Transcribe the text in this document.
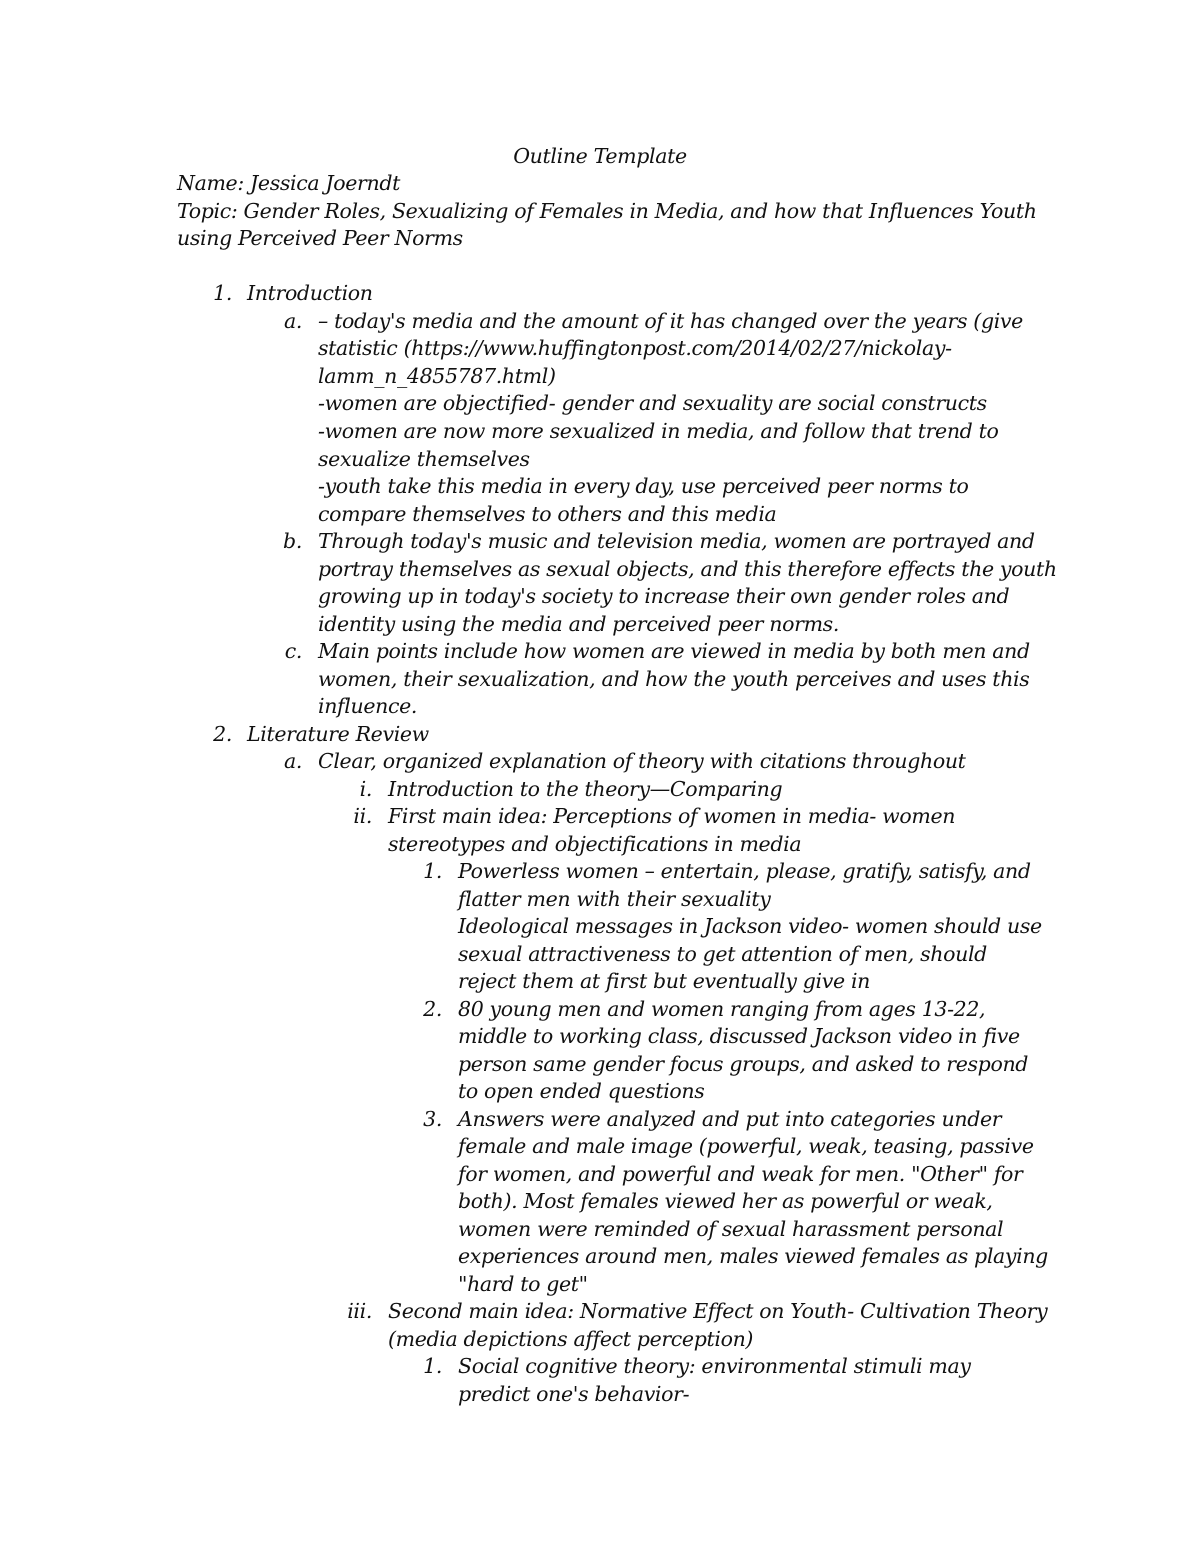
Outline Template
Name: Jessica Joerndt
Topic: Gender Roles, Sexualizing of Females in Media, and how that Influences Youth
using Perceived Peer Norms
1. Introduction
a. – today's media and the amount of it has changed over the years (give
statistic (https://www.huffingtonpost.com/2014/02/27/nickolay-
lamm_n_4855787.html)
-women are objectified- gender and sexuality are social constructs
-women are now more sexualized in media, and follow that trend to
sexualize themselves
-youth take this media in every day, use perceived peer norms to
compare themselves to others and this media
b. Through today's music and television media, women are portrayed and
portray themselves as sexual objects, and this therefore effects the youth
growing up in today's society to increase their own gender roles and
identity using the media and perceived peer norms.
c. Main points include how women are viewed in media by both men and
women, their sexualization, and how the youth perceives and uses this
influence.
2. Literature Review
a. Clear, organized explanation of theory with citations throughout
i. Introduction to the theory—Comparing
ii. First main idea: Perceptions of women in media- women
stereotypes and objectifications in media
1. Powerless women – entertain, please, gratify, satisfy, and
flatter men with their sexuality
Ideological messages in Jackson video- women should use
sexual attractiveness to get attention of men, should
reject them at first but eventually give in
2. 80 young men and women ranging from ages 13-22,
middle to working class, discussed Jackson video in five
person same gender focus groups, and asked to respond
to open ended questions
3. Answers were analyzed and put into categories under
female and male image (powerful, weak, teasing, passive
for women, and powerful and weak for men. "Other" for
both). Most females viewed her as powerful or weak,
women were reminded of sexual harassment personal
experiences around men, males viewed females as playing
"hard to get"
iii. Second main idea: Normative Effect on Youth- Cultivation Theory
(media depictions affect perception)
1. Social cognitive theory: environmental stimuli may
predict one's behavior-
